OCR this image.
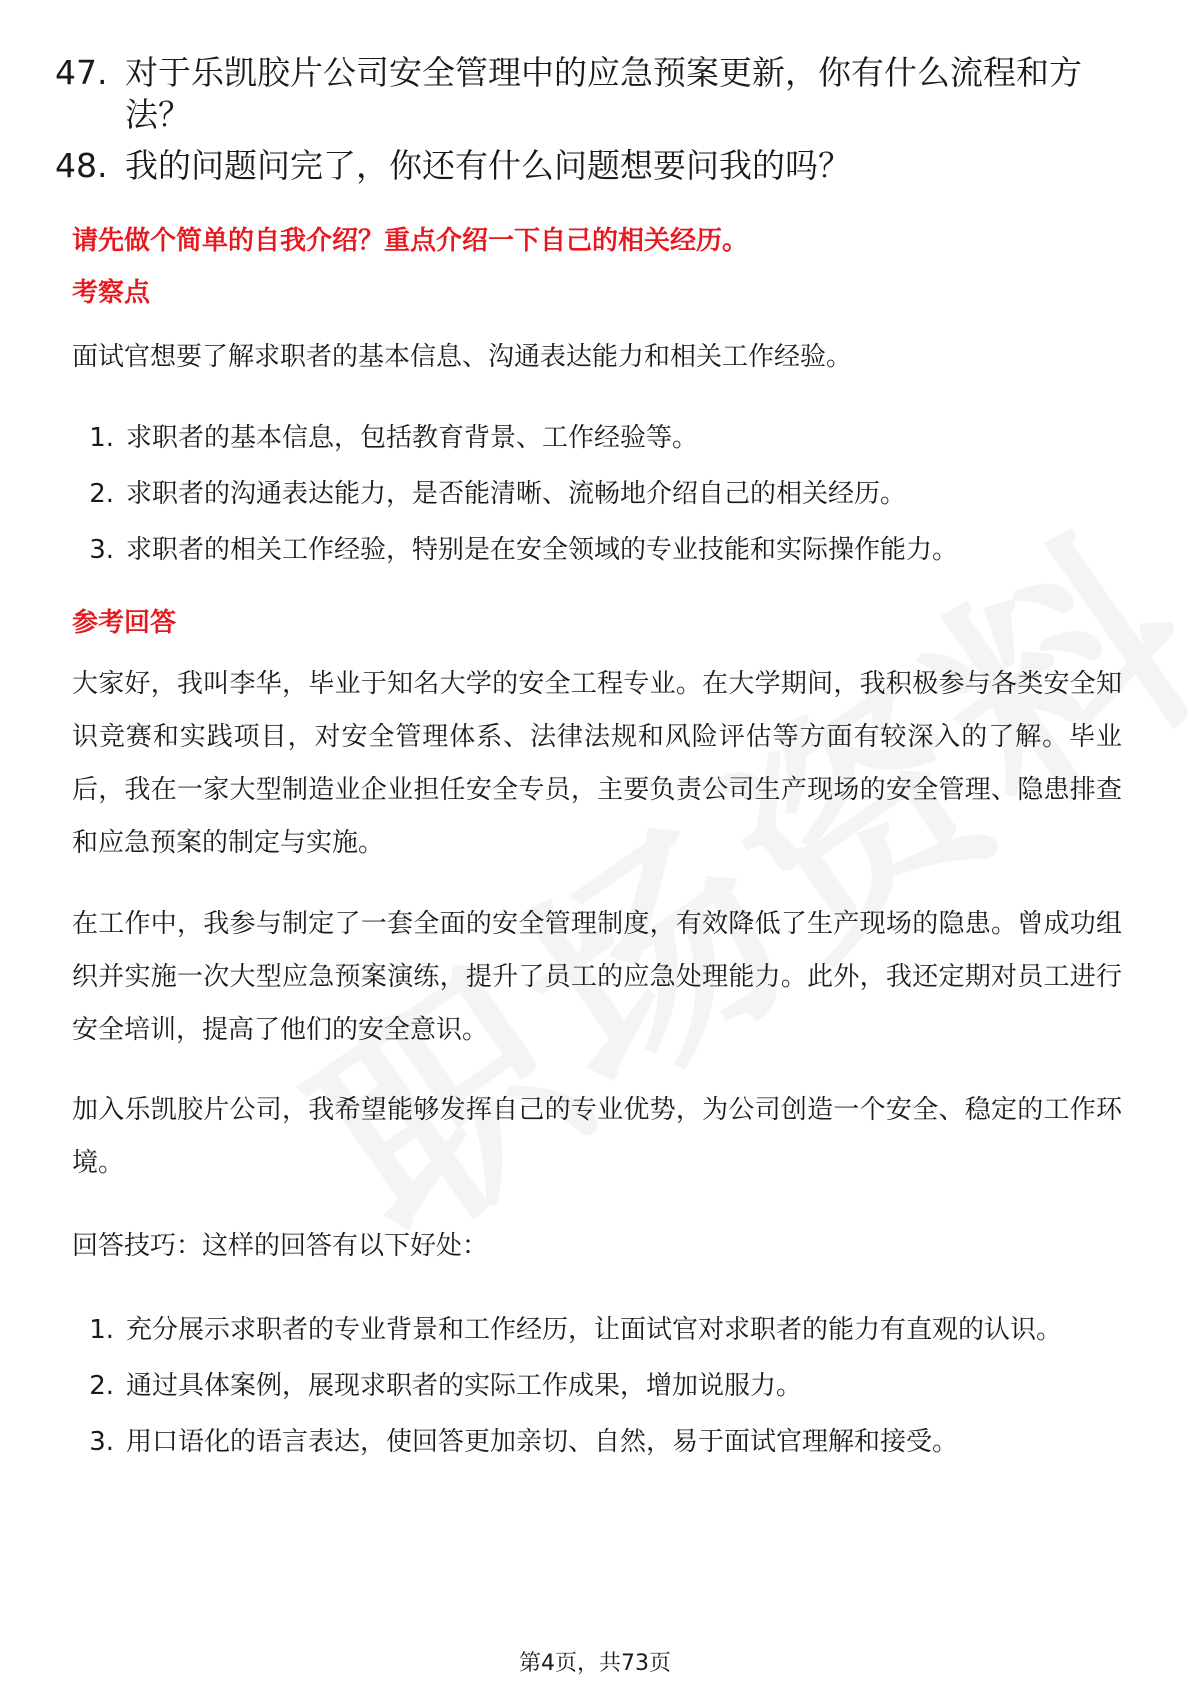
47. 对于乐凯胶片公司安全管理中的应急预案更新，你有什么流程和方法？
48. 我的问题问完了，你还有什么问题想要问我的吗？
请先做个简单的自我介绍？重点介绍一下自己的相关经历。
考察点
面试官想要了解求职者的基本信息、沟通表达能力和相关工作经验。
1. 求职者的基本信息，包括教育背景、工作经验等。
2. 求职者的沟通表达能力，是否能清晰、流畅地介绍自己的相关经历。
3. 求职者的相关工作经验，特别是在安全领域的专业技能和实际操作能力。
参考回答
大家好，我叫李华，毕业于知名大学的安全工程专业。在大学期间，我积极参与各类安全知识竞赛和实践项目，对安全管理体系、法律法规和风险评估等方面有较深入的了解。毕业后，我在一家大型制造业企业担任安全专员，主要负责公司生产现场的安全管理、隐患排查和应急预案的制定与实施。
在工作中，我参与制定了一套全面的安全管理制度，有效降低了生产现场的隐患。曾成功组织并实施一次大型应急预案演练，提升了员工的应急处理能力。此外，我还定期对员工进行安全培训，提高了他们的安全意识。
加入乐凯胶片公司，我希望能够发挥自己的专业优势，为公司创造一个安全、稳定的工作环境。
回答技巧：这样的回答有以下好处：
1. 充分展示求职者的专业背景和工作经历，让面试官对求职者的能力有直观的认识。
2. 通过具体案例，展现求职者的实际工作成果，增加说服力。
3. 用口语化的语言表达，使回答更加亲切、自然，易于面试官理解和接受。
第4页，共73页
